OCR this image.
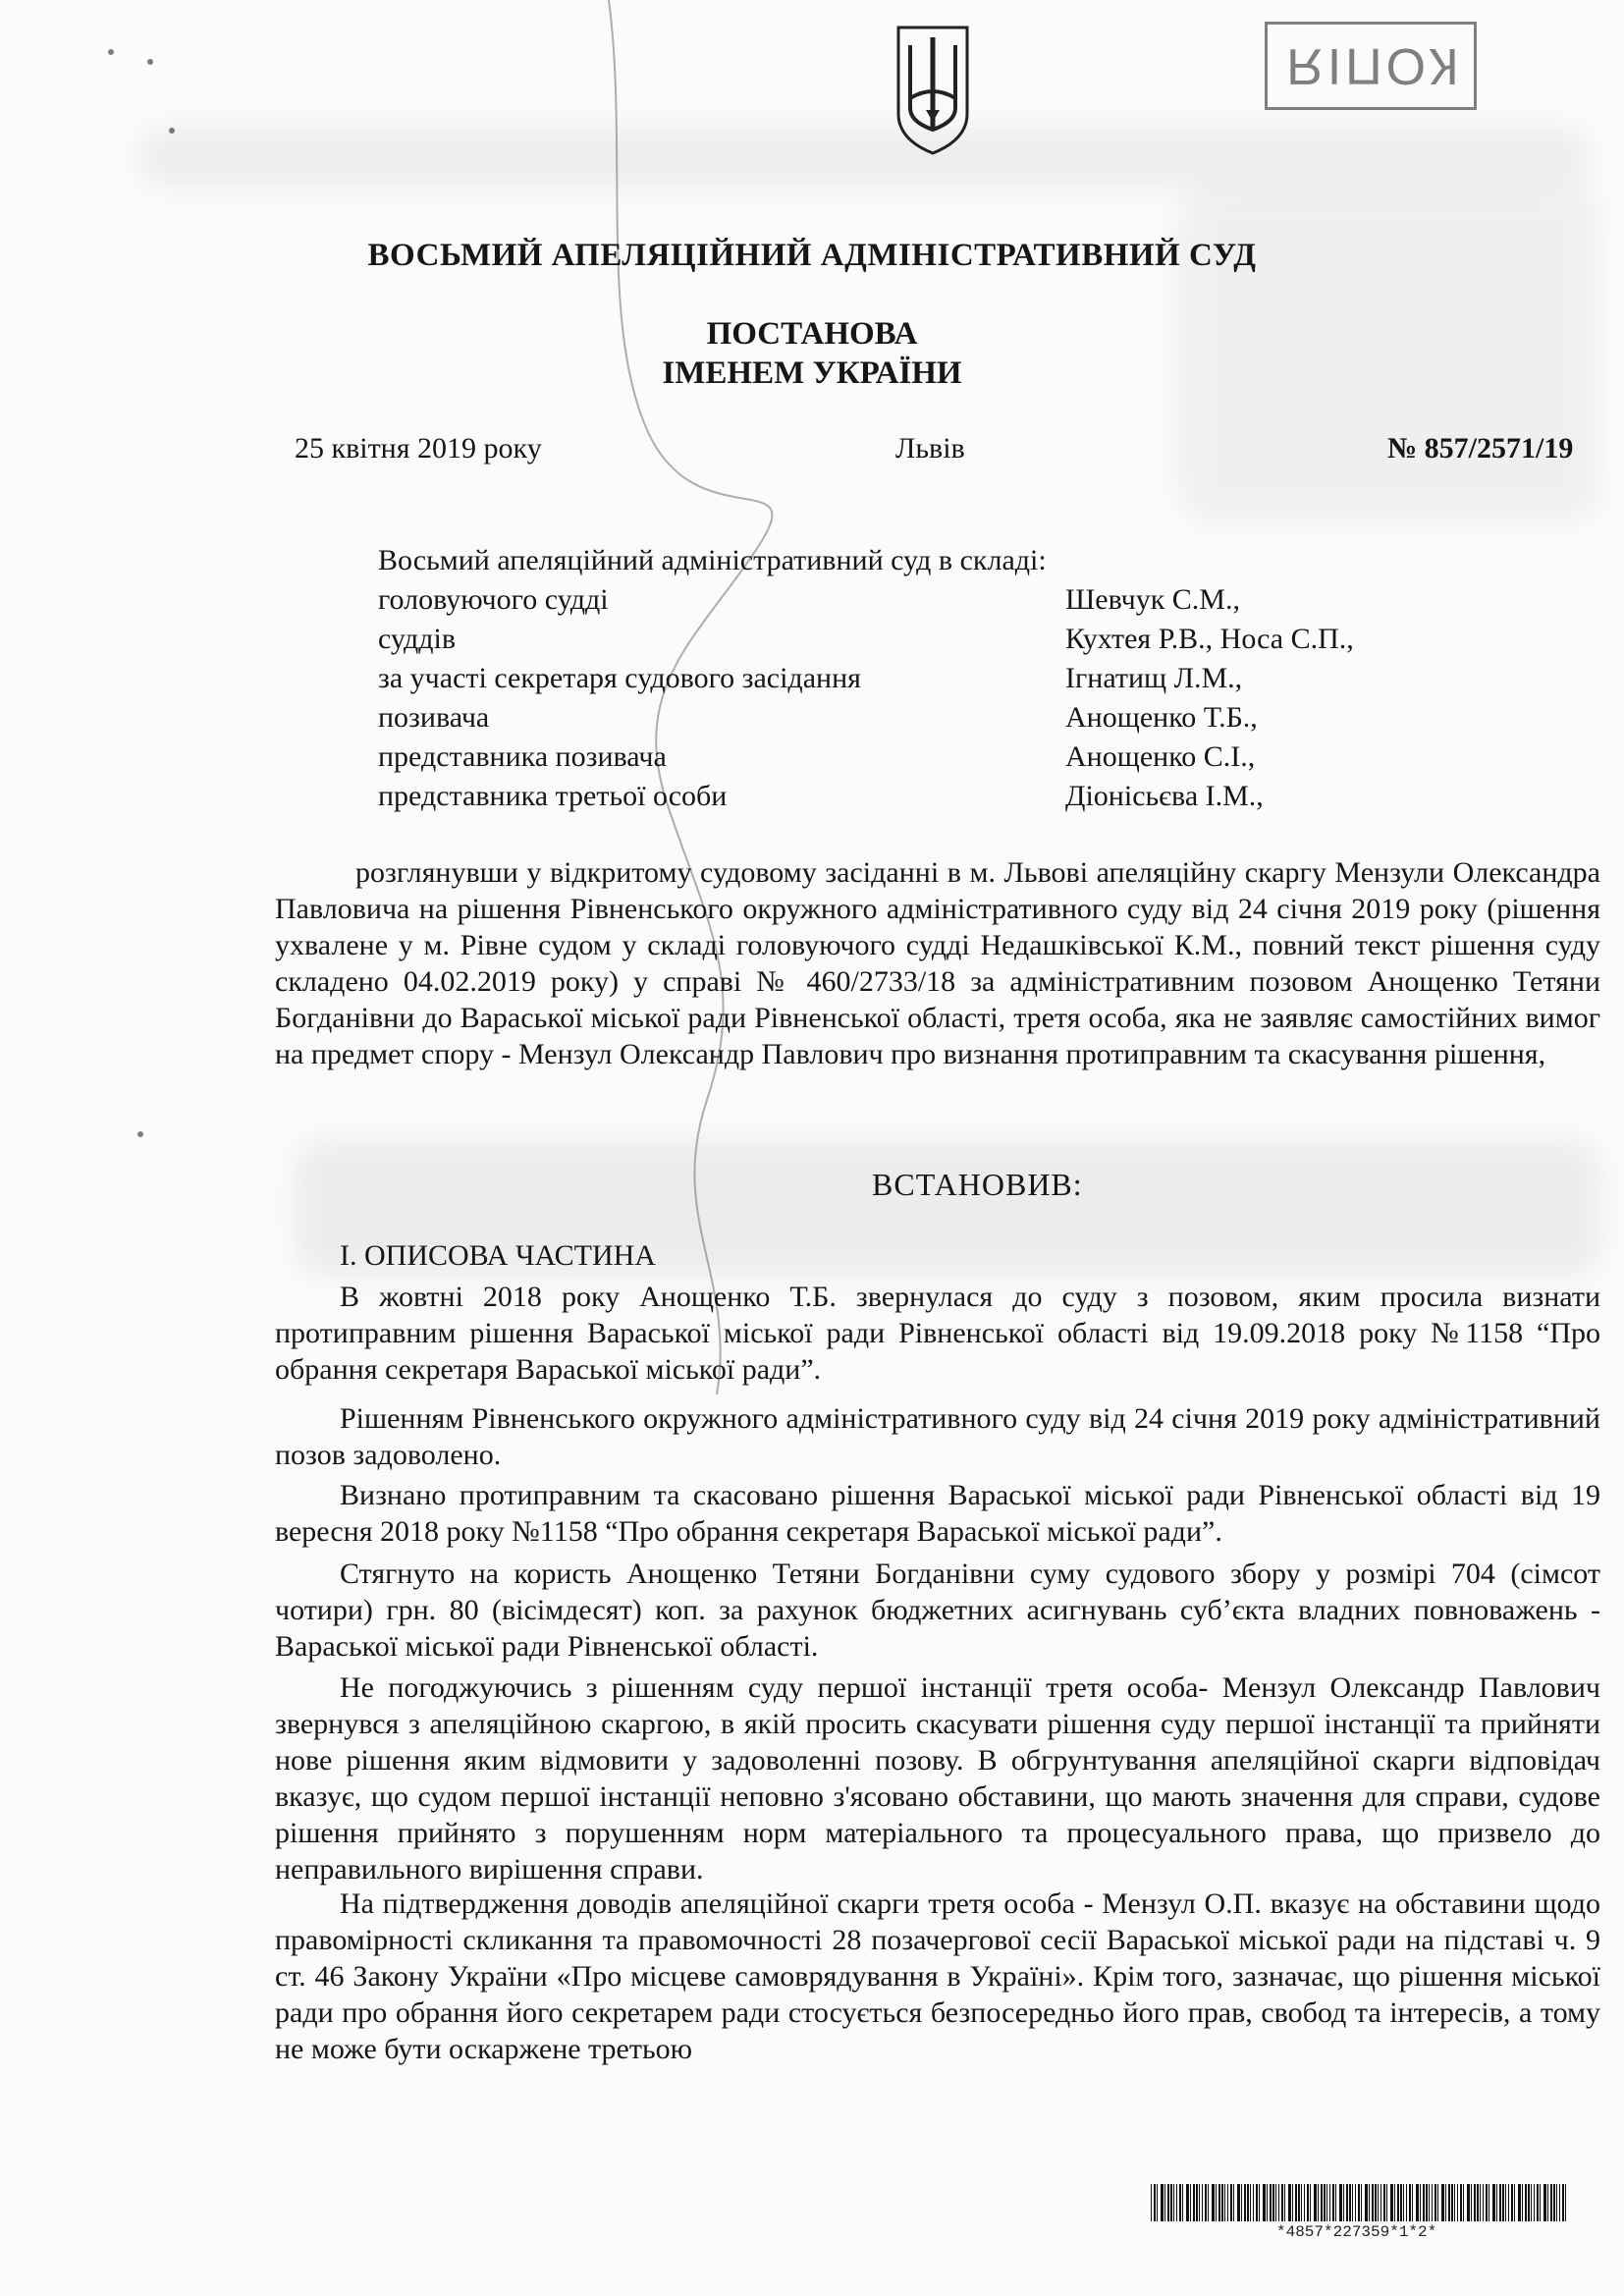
КОПІЯ
ВОСЬМИЙ АПЕЛЯЦІЙНИЙ АДМІНІСТРАТИВНИЙ СУД
ПОСТАНОВА
ІМЕНЕМ УКРАЇНИ
25 квітня 2019 року	Львів	№ 857/2571/19
Восьмий апеляційний адміністративний суд в складі:
головуючого судді	Шевчук С.М.,
суддів	Кухтея Р.В., Носа С.П.,
за участі секретаря судового засідання	Ігнатищ Л.М.,
позивача	Анощенко Т.Б.,
представника позивача	Анощенко С.І.,
представника третьої особи	Діонісьєва І.М.,

розглянувши у відкритому судовому засіданні в м. Львові апеляційну скаргу Мензули Олександра Павловича на рішення Рівненського окружного адміністративного суду від 24 січня 2019 року (рішення ухвалене у м. Рівне судом у складі головуючого судді Недашківської К.М., повний текст рішення суду складено 04.02.2019 року) у справі № 460/2733/18 за адміністративним позовом Анощенко Тетяни Богданівни до Вараської міської ради Рівненської області, третя особа, яка не заявляє самостійних вимог на предмет спору - Мензул Олександр Павлович про визнання протиправним та скасування рішення,

ВСТАНОВИВ:
І. ОПИСОВА ЧАСТИНА

В жовтні 2018 року Анощенко Т.Б. звернулася до суду з позовом, яким просила визнати протиправним рішення Вараської міської ради Рівненської області від 19.09.2018 року №1158 “Про обрання секретаря Вараської міської ради”.

Рішенням Рівненського окружного адміністративного суду від 24 січня 2019 року адміністративний позов задоволено.

Визнано протиправним та скасовано рішення Вараської міської ради Рівненської області від 19 вересня 2018 року №1158 “Про обрання секретаря Вараської міської ради”.

Стягнуто на користь Анощенко Тетяни Богданівни суму судового збору у розмірі 704 (сімсот чотири) грн. 80 (вісімдесят) коп. за рахунок бюджетних асигнувань суб’єкта владних повноважень - Вараської міської ради Рівненської області.

Не погоджуючись з рішенням суду першої інстанції третя особа- Мензул Олександр Павлович звернувся з апеляційною скаргою, в якій просить скасувати рішення суду першої інстанції та прийняти нове рішення яким відмовити у задоволенні позову. В обгрунтування апеляційної скарги відповідач вказує, що судом першої інстанції неповно з'ясовано обставини, що мають значення для справи, судове рішення прийнято з порушенням норм матеріального та процесуального права, що призвело до неправильного вирішення справи.

На підтвердження доводів апеляційної скарги третя особа - Мензул О.П. вказує на обставини щодо правомірності скликання та правомочності 28 позачергової сесії Вараської міської ради на підставі ч. 9 ст. 46 Закону України «Про місцеве самоврядування в Україні». Крім того, зазначає, що рішення міської ради про обрання його секретарем ради стосується безпосередньо його прав, свобод та інтересів, а тому не може бути оскаржене третьою

*4857*227359*1*2*
